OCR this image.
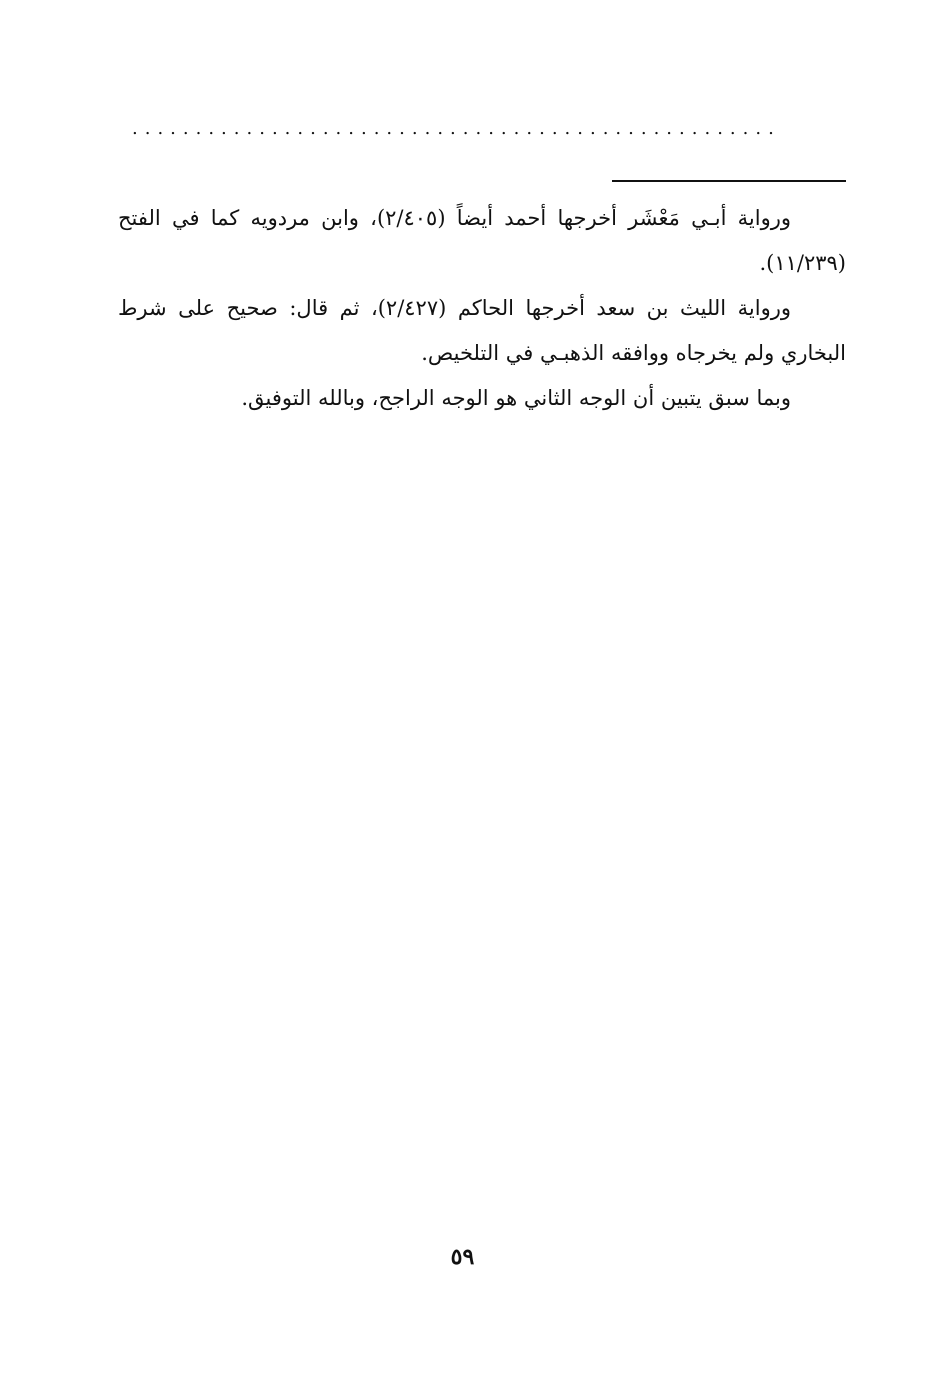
...................................................

ورواية أبـي مَعْشَر أخرجها أحمد أيضاً (٢/٤٠٥)، وابن مردويه كما في الفتح (١١/٢٣٩).

ورواية الليث بن سعد أخرجها الحاكم (٢/٤٢٧)، ثم قال: صحيح على شرط البخاري ولم يخرجاه ووافقه الذهبـي في التلخيص.

وبما سبق يتبين أن الوجه الثاني هو الوجه الراجح، وبالله التوفيق.

٥٩
